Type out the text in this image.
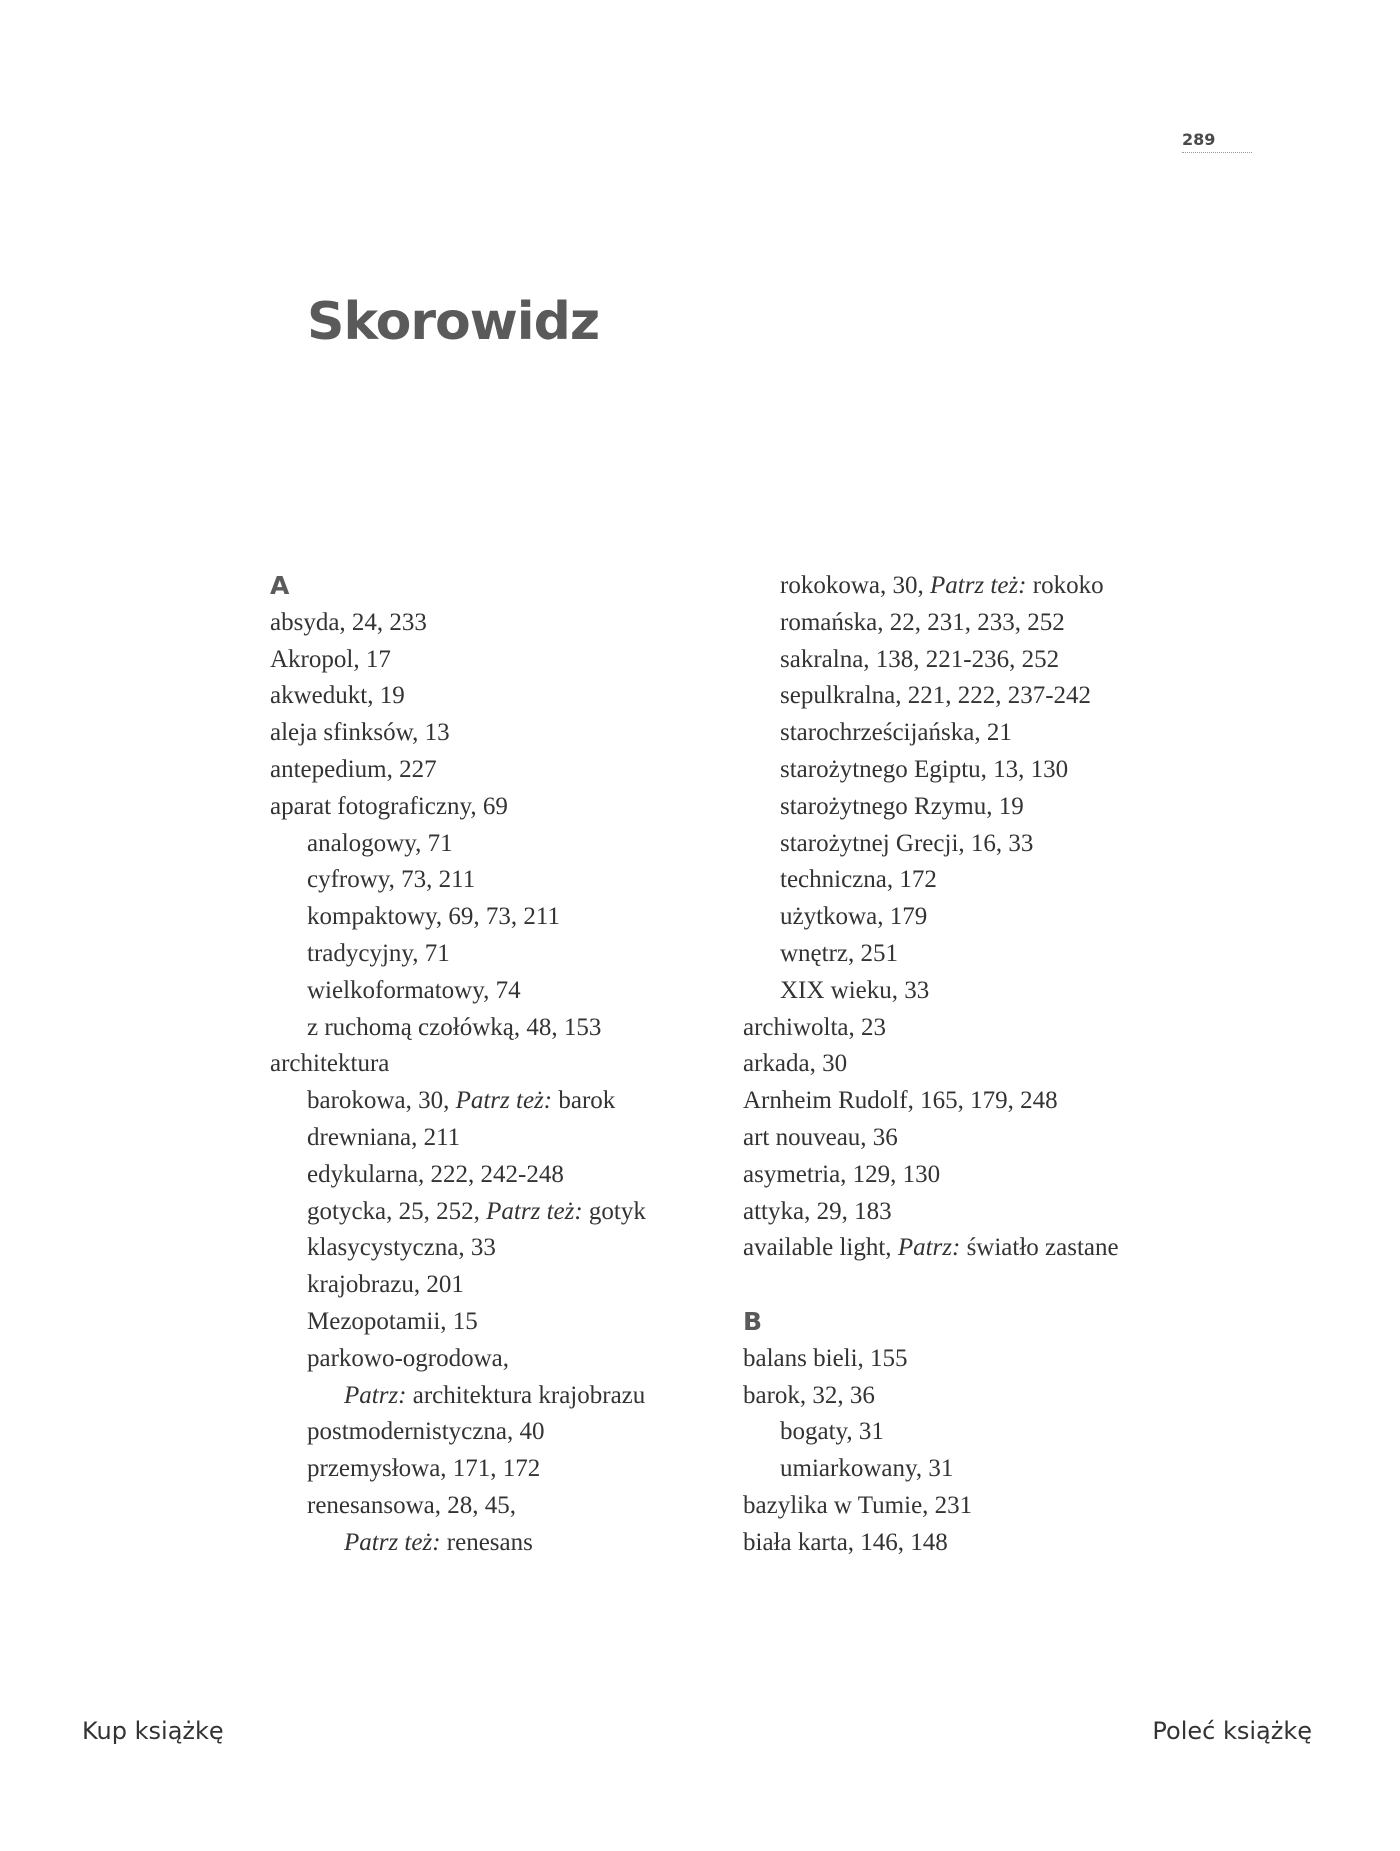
289
Skorowidz
A
absyda, 24, 233
Akropol, 17
akwedukt, 19
aleja sfinksów, 13
antepedium, 227
aparat fotograficzny, 69
analogowy, 71
cyfrowy, 73, 211
kompaktowy, 69, 73, 211
tradycyjny, 71
wielkoformatowy, 74
z ruchomą czołówką, 48, 153
architektura
barokowa, 30, Patrz też: barok
drewniana, 211
edykularna, 222, 242-248
gotycka, 25, 252, Patrz też: gotyk
klasycystyczna, 33
krajobrazu, 201
Mezopotamii, 15
parkowo-ogrodowa,
Patrz: architektura krajobrazu
postmodernistyczna, 40
przemysłowa, 171, 172
renesansowa, 28, 45,
Patrz też: renesans
rokokowa, 30, Patrz też: rokoko
romańska, 22, 231, 233, 252
sakralna, 138, 221-236, 252
sepulkralna, 221, 222, 237-242
starochrześcijańska, 21
starożytnego Egiptu, 13, 130
starożytnego Rzymu, 19
starożytnej Grecji, 16, 33
techniczna, 172
użytkowa, 179
wnętrz, 251
XIX wieku, 33
archiwolta, 23
arkada, 30
Arnheim Rudolf, 165, 179, 248
art nouveau, 36
asymetria, 129, 130
attyka, 29, 183
available light, Patrz: światło zastane
B
balans bieli, 155
barok, 32, 36
bogaty, 31
umiarkowany, 31
bazylika w Tumie, 231
biała karta, 146, 148
Kup książkę	Poleć książkę
